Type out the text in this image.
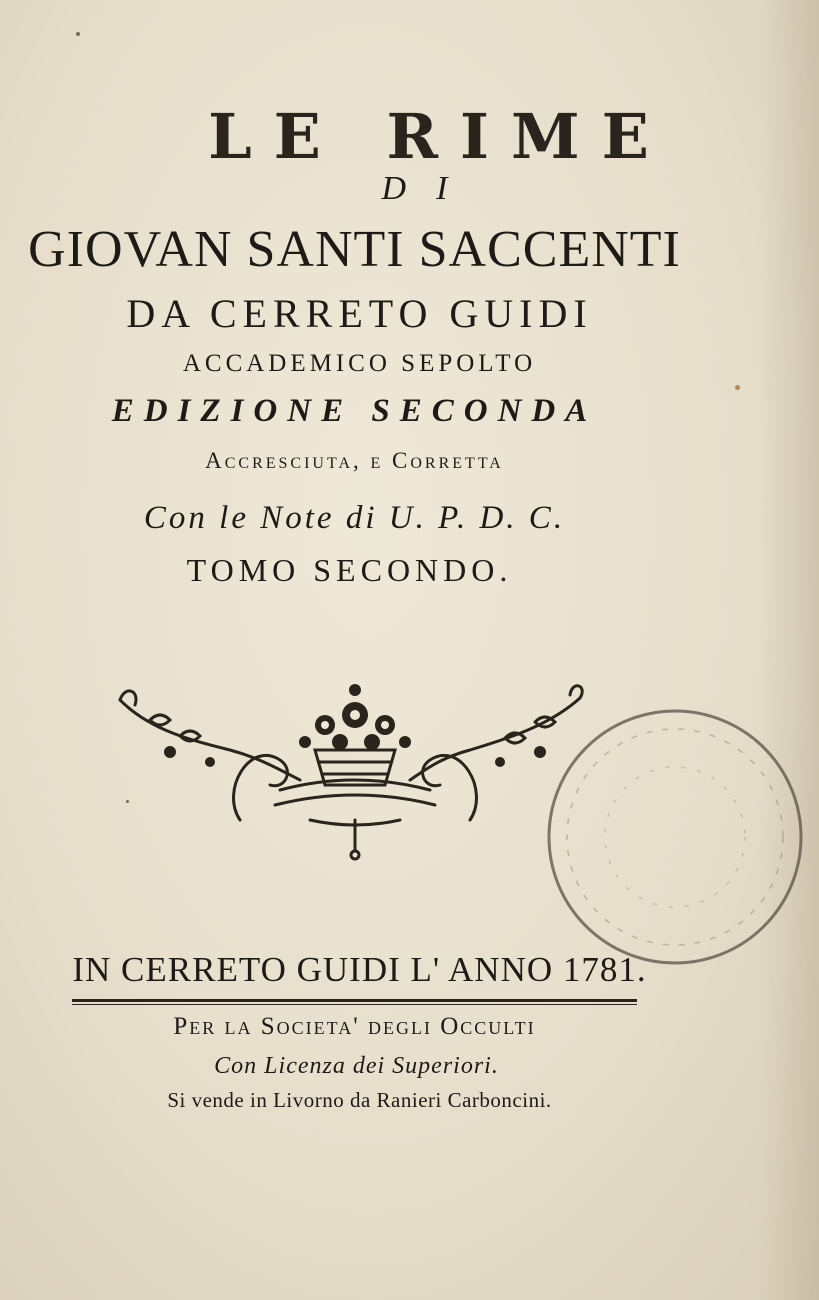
LE RIME
DI
GIOVAN SANTI SACCENTI
DA CERRETO GUIDI
ACCADEMICO SEPOLTO
EDIZIONE SECONDA
Accresciuta, e Corretta
Con le Note di U. P. D. C.
TOMO SECONDO.
IN CERRETO GUIDI L' ANNO 1781.
Per la Societa' degli Occulti
Con Licenza dei Superiori.
Si vende in Livorno da Ranieri Carboncini.
